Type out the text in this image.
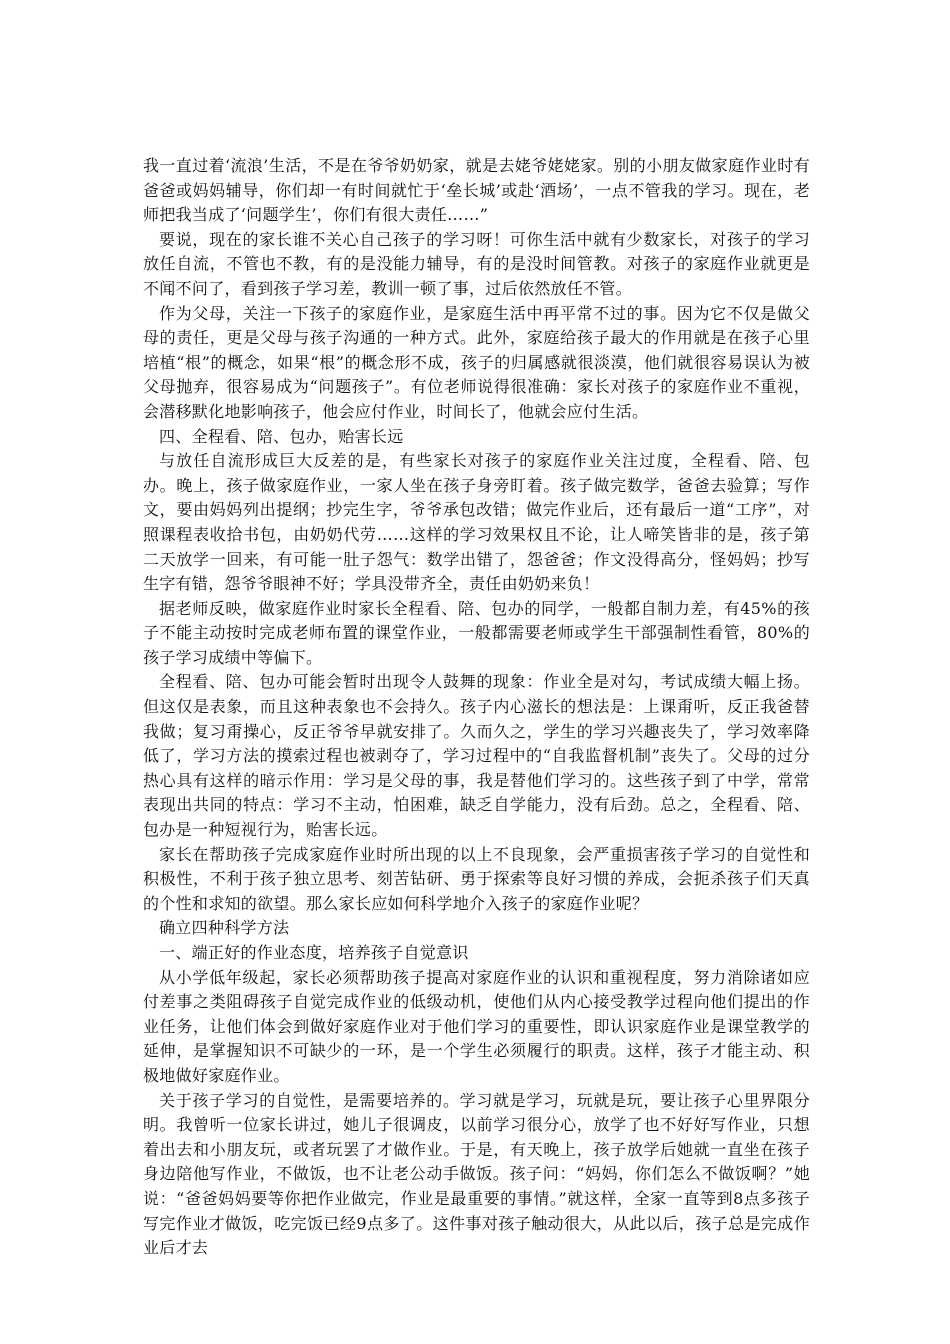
我一直过着‘流浪’生活，不是在爷爷奶奶家，就是去姥爷姥姥家。别的小朋友做家庭作业时有爸爸或妈妈辅导，你们却一有时间就忙于‘垒长城’或赴‘酒场’，一点不管我的学习。现在，老师把我当成了‘问题学生’，你们有很大责任……”

要说，现在的家长谁不关心自己孩子的学习呀！可你生活中就有少数家长，对孩子的学习放任自流，不管也不教，有的是没能力辅导，有的是没时间管教。对孩子的家庭作业就更是不闻不问了，看到孩子学习差，教训一顿了事，过后依然放任不管。

作为父母，关注一下孩子的家庭作业，是家庭生活中再平常不过的事。因为它不仅是做父母的责任，更是父母与孩子沟通的一种方式。此外，家庭给孩子最大的作用就是在孩子心里培植“根”的概念，如果“根”的概念形不成，孩子的归属感就很淡漠，他们就很容易误认为被父母抛弃，很容易成为“问题孩子”。有位老师说得很准确：家长对孩子的家庭作业不重视，会潜移默化地影响孩子，他会应付作业，时间长了，他就会应付生活。

四、全程看、陪、包办，贻害长远

与放任自流形成巨大反差的是，有些家长对孩子的家庭作业关注过度，全程看、陪、包办。晚上，孩子做家庭作业，一家人坐在孩子身旁盯着。孩子做完数学，爸爸去验算；写作文，要由妈妈列出提纲；抄完生字，爷爷承包改错；做完作业后，还有最后一道“工序”，对照课程表收拾书包，由奶奶代劳……这样的学习效果权且不论，让人啼笑皆非的是，孩子第二天放学一回来，有可能一肚子怨气：数学出错了，怨爸爸；作文没得高分，怪妈妈；抄写生字有错，怨爷爷眼神不好；学具没带齐全，责任由奶奶来负！

据老师反映，做家庭作业时家长全程看、陪、包办的同学，一般都自制力差，有45%的孩子不能主动按时完成老师布置的课堂作业，一般都需要老师或学生干部强制性看管，80%的孩子学习成绩中等偏下。

全程看、陪、包办可能会暂时出现令人鼓舞的现象：作业全是对勾，考试成绩大幅上扬。但这仅是表象，而且这种表象也不会持久。孩子内心滋长的想法是：上课甭听，反正我爸替我做；复习甭操心，反正爷爷早就安排了。久而久之，学生的学习兴趣丧失了，学习效率降低了，学习方法的摸索过程也被剥夺了，学习过程中的“自我监督机制”丧失了。父母的过分热心具有这样的暗示作用：学习是父母的事，我是替他们学习的。这些孩子到了中学，常常表现出共同的特点：学习不主动，怕困难，缺乏自学能力，没有后劲。总之，全程看、陪、包办是一种短视行为，贻害长远。

家长在帮助孩子完成家庭作业时所出现的以上不良现象，会严重损害孩子学习的自觉性和积极性，不利于孩子独立思考、刻苦钻研、勇于探索等良好习惯的养成，会扼杀孩子们天真的个性和求知的欲望。那么家长应如何科学地介入孩子的家庭作业呢？

确立四种科学方法

一、端正好的作业态度，培养孩子自觉意识

从小学低年级起，家长必须帮助孩子提高对家庭作业的认识和重视程度，努力消除诸如应付差事之类阻碍孩子自觉完成作业的低级动机，使他们从内心接受教学过程向他们提出的作业任务，让他们体会到做好家庭作业对于他们学习的重要性，即认识家庭作业是课堂教学的延伸，是掌握知识不可缺少的一环，是一个学生必须履行的职责。这样，孩子才能主动、积极地做好家庭作业。

关于孩子学习的自觉性，是需要培养的。学习就是学习，玩就是玩，要让孩子心里界限分明。我曾听一位家长讲过，她儿子很调皮，以前学习很分心，放学了也不好好写作业，只想着出去和小朋友玩，或者玩罢了才做作业。于是，有天晚上，孩子放学后她就一直坐在孩子身边陪他写作业，不做饭，也不让老公动手做饭。孩子问：“妈妈，你们怎么不做饭啊？”她说：“爸爸妈妈要等你把作业做完，作业是最重要的事情。”就这样，全家一直等到8点多孩子写完作业才做饭，吃完饭已经9点多了。这件事对孩子触动很大，从此以后，孩子总是完成作业后才去
